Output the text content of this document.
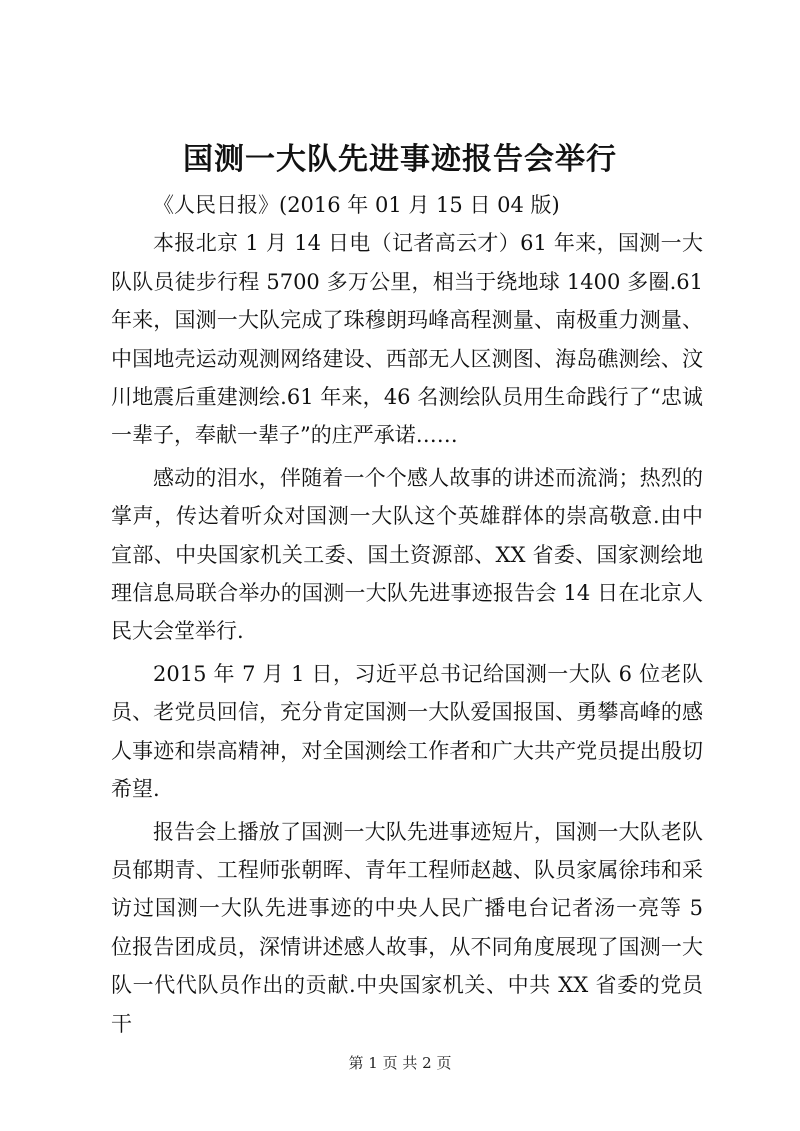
国测一大队先进事迹报告会举行

《人民日报》(2016 年 01 月 15 日 04 版)

本报北京 1 月 14 日电（记者高云才）61 年来，国测一大队队员徒步行程 5700 多万公里，相当于绕地球 1400 多圈.61 年来，国测一大队完成了珠穆朗玛峰高程测量、南极重力测量、中国地壳运动观测网络建设、西部无人区测图、海岛礁测绘、汶川地震后重建测绘.61 年来，46 名测绘队员用生命践行了“忠诚一辈子，奉献一辈子”的庄严承诺……

感动的泪水，伴随着一个个感人故事的讲述而流淌；热烈的掌声，传达着听众对国测一大队这个英雄群体的崇高敬意.由中宣部、中央国家机关工委、国土资源部、XX 省委、国家测绘地理信息局联合举办的国测一大队先进事迹报告会 14 日在北京人民大会堂举行.

2015 年 7 月 1 日，习近平总书记给国测一大队 6 位老队员、老党员回信，充分肯定国测一大队爱国报国、勇攀高峰的感人事迹和崇高精神，对全国测绘工作者和广大共产党员提出殷切希望.

报告会上播放了国测一大队先进事迹短片，国测一大队老队员郁期青、工程师张朝晖、青年工程师赵越、队员家属徐玮和采访过国测一大队先进事迹的中央人民广播电台记者汤一亮等 5 位报告团成员，深情讲述感人故事，从不同角度展现了国测一大队一代代队员作出的贡献.中央国家机关、中共 XX 省委的党员干

第 1 页 共 2 页
